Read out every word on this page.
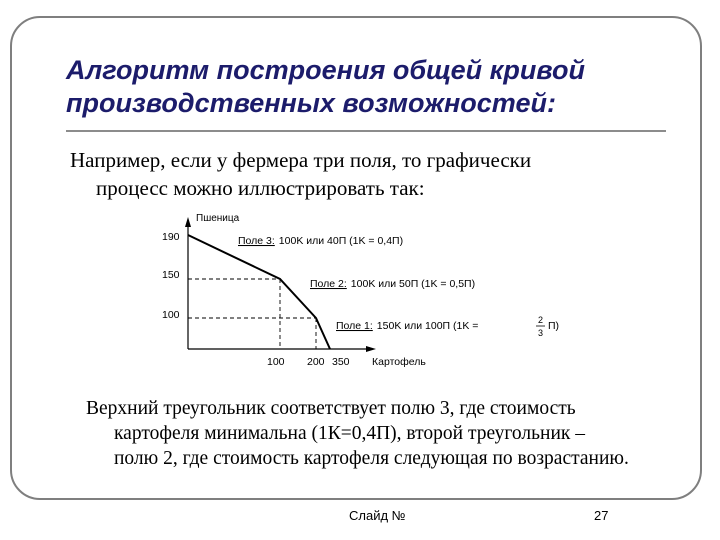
Алгоритм построения общей кривой производственных возможностей:
Например, если у фермера три поля, то графически
процесс можно иллюстрировать так:
Пшеница
Картофель
190
150
100
100 200 350
Поле 3: 100K или 40П (1K = 0,4П)
Поле 2: 100K или 50П (1K = 0,5П)
Поле 1: 150K или 100П (1K =	2
3
П)
Верхний треугольник соответствует полю 3, где стоимость
картофеля минимальна (1К=0,4П), второй треугольник –
полю 2, где стоимость картофеля следующая по возрастанию.
Слайд №	27
